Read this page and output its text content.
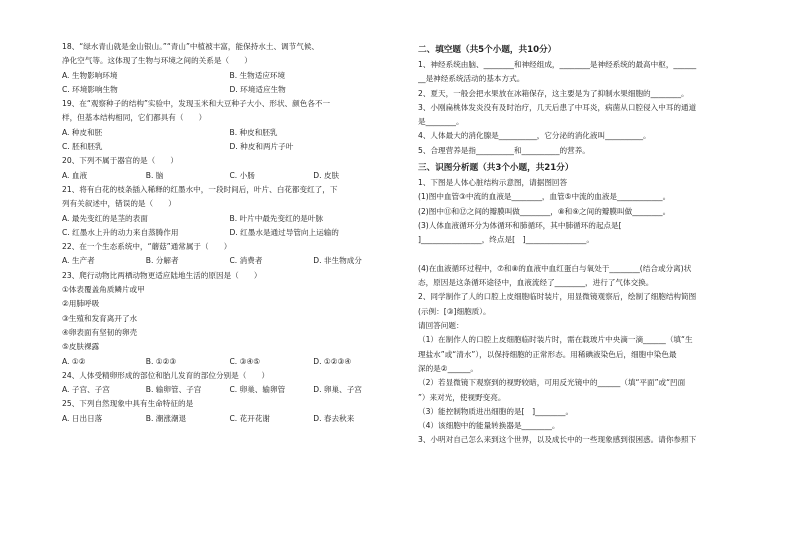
18、“绿水青山就是金山银山。”“青山”中植被丰富，能保持水土、调节气候、
净化空气等。这体现了生物与环境之间的关系是（　　）
A. 生物影响环境	B. 生物适应环境
C. 环境影响生物	D. 环境适应生物
19、在“观察种子的结构”实验中，发现玉米和大豆种子大小、形状、颜色各不一
样，但基本结构相同，它们都具有（　　）
A. 种皮和胚	B. 种皮和胚乳
C. 胚和胚乳	D. 种皮和两片子叶
20、下列不属于器官的是（　　）
A. 血液	B. 脑	C. 小肠	D. 皮肤
21、将有白花的枝条插入稀释的红墨水中，一段时间后，叶片、白花都变红了，下
列有关叙述中，错误的是（　　）
A. 最先变红的是茎的表面	B. 叶片中最先变红的是叶脉
C. 红墨水上升的动力来自蒸腾作用	D. 红墨水是通过导管向上运输的
22、在一个生态系统中，“蘑菇”通常属于（　　）
A. 生产者	B. 分解者	C. 消费者	D. 非生物成分
23、爬行动物比两栖动物更适应陆地生活的原因是（　　）
①体表覆盖角质鳞片或甲
②用肺呼吸
③生殖和发育离开了水
④卵表面有坚韧的卵壳
⑤皮肤裸露
A. ①②	B. ①②③	C. ③④⑤	D. ①②③④
24、人体受精卵形成的部位和胎儿发育的部位分别是（　　）
A. 子宫、子宫	B. 输卵管、子宫	C. 卵巢、输卵管	D. 卵巢、子宫
25、下列自然现象中具有生命特征的是
A. 日出日落	B. 潮涨潮退	C. 花开花谢	D. 春去秋来
二、填空题（共5个小题，共10分）
1、神经系统由脑、________和神经组成，________是神经系统的最高中枢，______
__是神经系统活动的基本方式。
2、夏天，一般会把水果放在冰箱保存，这主要是为了抑制水果细胞的________。
3、小刚扁桃体发炎没有及时治疗，几天后患了中耳炎，病菌从口腔侵入中耳的通道
是________。
4、人体最大的消化腺是__________，它分泌的消化液叫__________。
5、合理营养是指__________和__________的营养。
三、识图分析题（共3个小题，共21分）
1、下图是人体心脏结构示意图，请据图回答
(1)图中血管③中流的血液是________，血管⑤中流的血液是____________。
(2)图中⑪和⑫之间的瓣膜叫做________，⑧和⑨之间的瓣膜叫做________。
(3)人体血液循环分为体循环和肺循环，其中肺循环的起点是[
]________________，终点是[　]________________。
(4)在血液循环过程中，⑦和⑧的血液中血红蛋白与氧处于________(结合或分离)状
态，原因是这条循环途径中，血液流经了________，进行了气体交换。
2、同学制作了人的口腔上皮细胞临时装片，用显微镜观察后，绘制了细胞结构简图
(示例：[③]细胞质）。
请回答问题：
（1）在制作人的口腔上皮细胞临时装片时，需在载玻片中央滴一滴______（填“生
理盐水”或“清水”），以保持细胞的正常形态。用稀碘液染色后，细胞中染色最
深的是②______。
（2）若显微镜下观察到的视野较暗，可用反光镜中的______（填“平面”或“凹面
”）来对光，使视野变亮。
（3）能控制物质进出细胞的是[　]________。
（4）该细胞中的能量转换器是________。
3、小明对自己怎么来到这个世界，以及成长中的一些现象感到很困惑。请你参照下
